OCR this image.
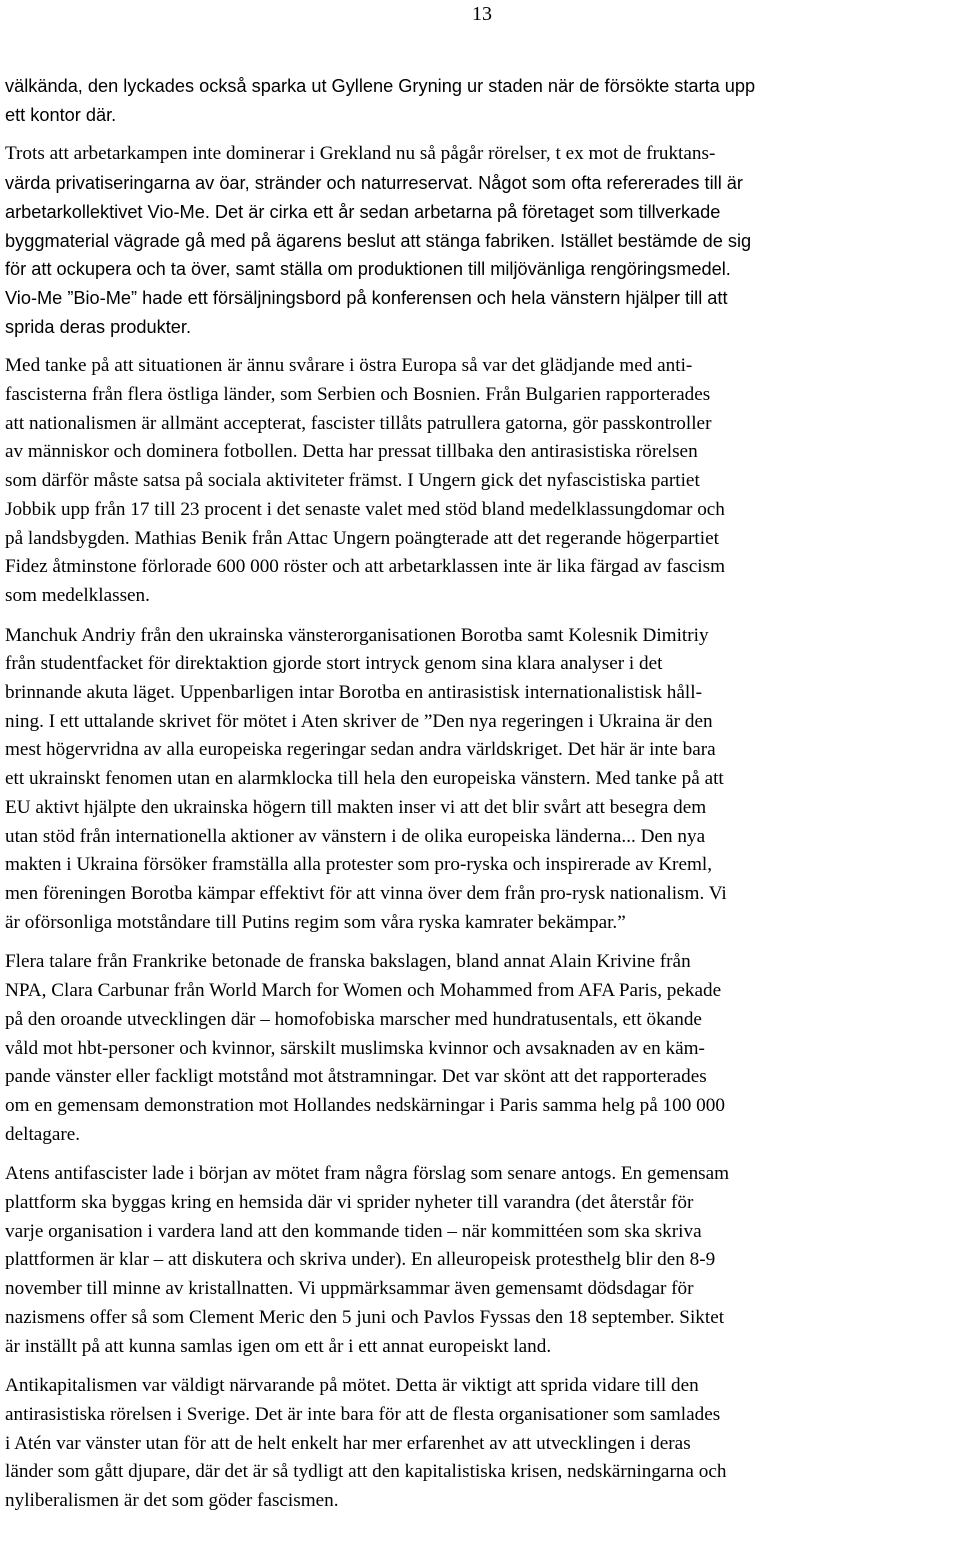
13
välkända, den lyckades också sparka ut Gyllene Gryning ur staden när de försökte starta upp
ett kontor där.
Trots att arbetarkampen inte dominerar i Grekland nu så pågår rörelser, t ex mot de fruktans-
värda privatiseringarna av öar, stränder och naturreservat. Något som ofta refererades till är
arbetarkollektivet Vio-Me. Det är cirka ett år sedan arbetarna på företaget som tillverkade
byggmaterial vägrade gå med på ägarens beslut att stänga fabriken. Istället bestämde de sig
för att ockupera och ta över, samt ställa om produktionen till miljövänliga rengöringsmedel.
Vio-Me ”Bio-Me” hade ett försäljningsbord på konferensen och hela vänstern hjälper till att
sprida deras produkter.
Med tanke på att situationen är ännu svårare i östra Europa så var det glädjande med anti-
fascisterna från flera östliga länder, som Serbien och Bosnien. Från Bulgarien rapporterades
att nationalismen är allmänt accepterat, fascister tillåts patrullera gatorna, gör passkontroller
av människor och dominera fotbollen. Detta har pressat tillbaka den antirasistiska rörelsen
som därför måste satsa på sociala aktiviteter främst. I Ungern gick det nyfascistiska partiet
Jobbik upp från 17 till 23 procent i det senaste valet med stöd bland medelklassungdomar och
på landsbygden. Mathias Benik från Attac Ungern poängterade att det regerande högerpartiet
Fidez åtminstone förlorade 600 000 röster och att arbetarklassen inte är lika färgad av fascism
som medelklassen.
Manchuk Andriy från den ukrainska vänsterorganisationen Borotba samt Kolesnik Dimitriy
från studentfacket för direktaktion gjorde stort intryck genom sina klara analyser i det
brinnande akuta läget. Uppenbarligen intar Borotba en antirasistisk internationalistisk håll-
ning. I ett uttalande skrivet för mötet i Aten skriver de ”Den nya regeringen i Ukraina är den
mest högervridna av alla europeiska regeringar sedan andra världskriget. Det här är inte bara
ett ukrainskt fenomen utan en alarmklocka till hela den europeiska vänstern. Med tanke på att
EU aktivt hjälpte den ukrainska högern till makten inser vi att det blir svårt att besegra dem
utan stöd från internationella aktioner av vänstern i de olika europeiska länderna... Den nya
makten i Ukraina försöker framställa alla protester som pro-ryska och inspirerade av Kreml,
men föreningen Borotba kämpar effektivt för att vinna över dem från pro-rysk nationalism. Vi
är oförsonliga motståndare till Putins regim som våra ryska kamrater bekämpar.”
Flera talare från Frankrike betonade de franska bakslagen, bland annat Alain Krivine från
NPA, Clara Carbunar från World March for Women och Mohammed from AFA Paris, pekade
på den oroande utvecklingen där – homofobiska marscher med hundratusentals, ett ökande
våld mot hbt-personer och kvinnor, särskilt muslimska kvinnor och avsaknaden av en käm-
pande vänster eller fackligt motstånd mot åtstramningar. Det var skönt att det rapporterades
om en gemensam demonstration mot Hollandes nedskärningar i Paris samma helg på 100 000
deltagare.
Atens antifascister lade i början av mötet fram några förslag som senare antogs. En gemensam
plattform ska byggas kring en hemsida där vi sprider nyheter till varandra (det återstår för
varje organisation i vardera land att den kommande tiden – när kommittéen som ska skriva
plattformen är klar – att diskutera och skriva under). En alleuropeisk protesthelg blir den 8-9
november till minne av kristallnatten. Vi uppmärksammar även gemensamt dödsdagar för
nazismens offer så som Clement Meric den 5 juni och Pavlos Fyssas den 18 september. Siktet
är inställt på att kunna samlas igen om ett år i ett annat europeiskt land.
Antikapitalismen var väldigt närvarande på mötet. Detta är viktigt att sprida vidare till den
antirasistiska rörelsen i Sverige. Det är inte bara för att de flesta organisationer som samlades
i Atén var vänster utan för att de helt enkelt har mer erfarenhet av att utvecklingen i deras
länder som gått djupare, där det är så tydligt att den kapitalistiska krisen, nedskärningarna och
nyliberalismen är det som göder fascismen.
